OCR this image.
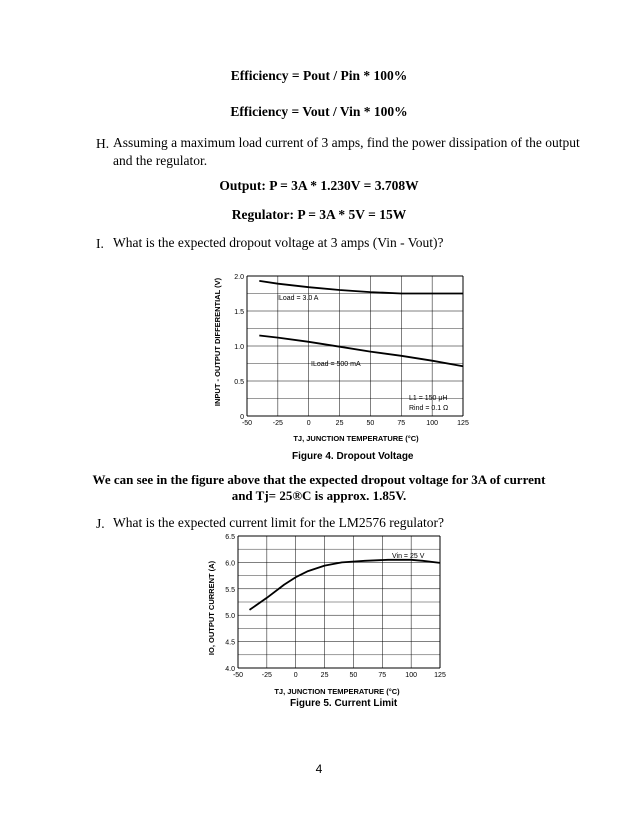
Efficiency = Pout / Pin * 100%
Efficiency = Vout / Vin * 100%
H. Assuming a maximum load current of 3 amps, find the power dissipation of the output
and the regulator.
Output: P = 3A * 1.230V = 3.708W
Regulator: P = 3A * 5V = 15W
I. What is the expected dropout voltage at 3 amps (Vin - Vout)?
INPUT - OUTPUT DIFFERENTIAL (V)
-50	-25	0	25	50	75	100	125
0
0.5
1.0
1.5
2.0
ILoad = 3.0 A
ILoad = 500 mA
L1 = 150 μH
Rind = 0.1 Ω
TJ, JUNCTION TEMPERATURE (°C)
Figure 4. Dropout Voltage
We can see in the figure above that the expected dropout voltage for 3A of current
and Tj= 25®C is approx. 1.85V.
J. What is the expected current limit for the LM2576 regulator?
IO, OUTPUT CURRENT (A)
-50	-25	0	25	50	75	100 125
4.0
4.5
5.0
5.5
6.0
6.5
Vin = 25 V
TJ, JUNCTION TEMPERATURE (°C)
Figure 5. Current Limit
4
